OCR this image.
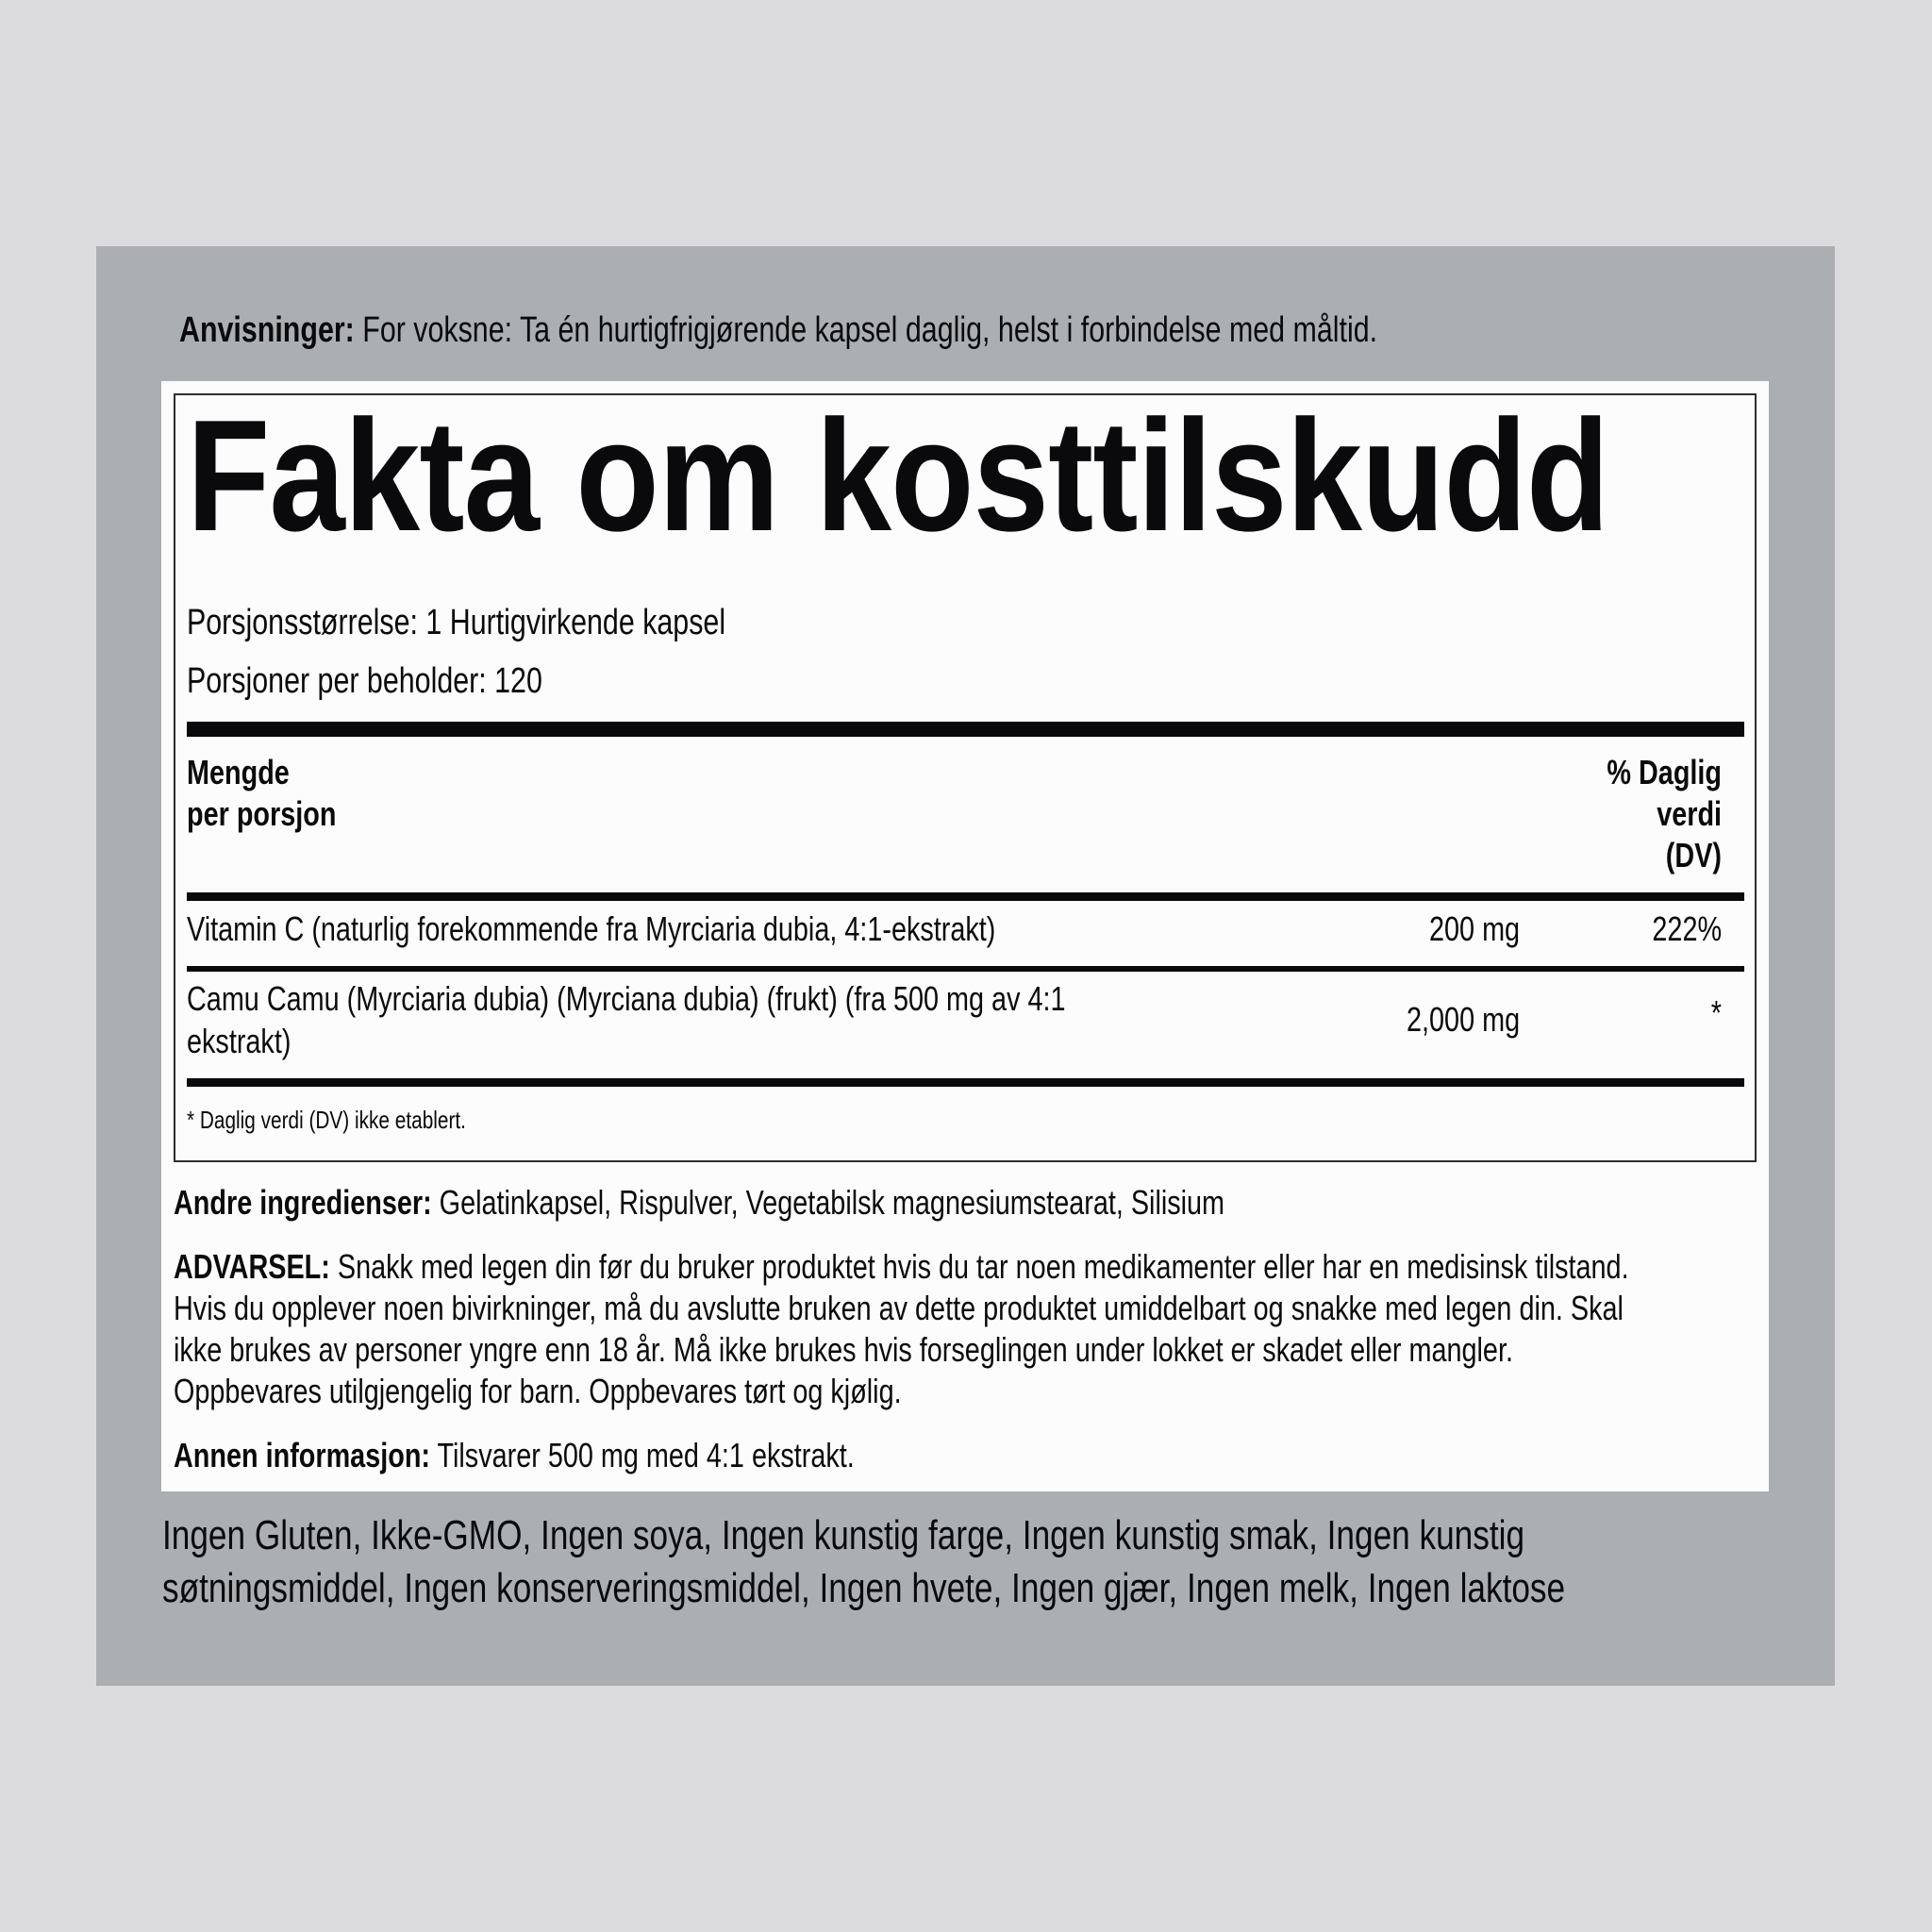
Anvisninger: For voksne: Ta én hurtigfrigjørende kapsel daglig, helst i forbindelse med måltid.
Fakta om kosttilskudd
Porsjonsstørrelse: 1 Hurtigvirkende kapsel
Porsjoner per beholder: 120
Mengde
per porsjon
% Daglig
verdi
(DV)
Vitamin C (naturlig forekommende fra Myrciaria dubia, 4:1-ekstrakt)	200 mg	222%
Camu Camu (Myrciaria dubia) (Myrciana dubia) (frukt) (fra 500 mg av 4:1
ekstrakt)
2,000 mg	*
* Daglig verdi (DV) ikke etablert.
Andre ingredienser: Gelatinkapsel, Rispulver, Vegetabilsk magnesiumstearat, Silisium
ADVARSEL: Snakk med legen din før du bruker produktet hvis du tar noen medikamenter eller har en medisinsk tilstand.
Hvis du opplever noen bivirkninger, må du avslutte bruken av dette produktet umiddelbart og snakke med legen din. Skal
ikke brukes av personer yngre enn 18 år. Må ikke brukes hvis forseglingen under lokket er skadet eller mangler.
Oppbevares utilgjengelig for barn. Oppbevares tørt og kjølig.
Annen informasjon: Tilsvarer 500 mg med 4:1 ekstrakt.
Ingen Gluten, Ikke-GMO, Ingen soya, Ingen kunstig farge, Ingen kunstig smak, Ingen kunstig
søtningsmiddel, Ingen konserveringsmiddel, Ingen hvete, Ingen gjær, Ingen melk, Ingen laktose
